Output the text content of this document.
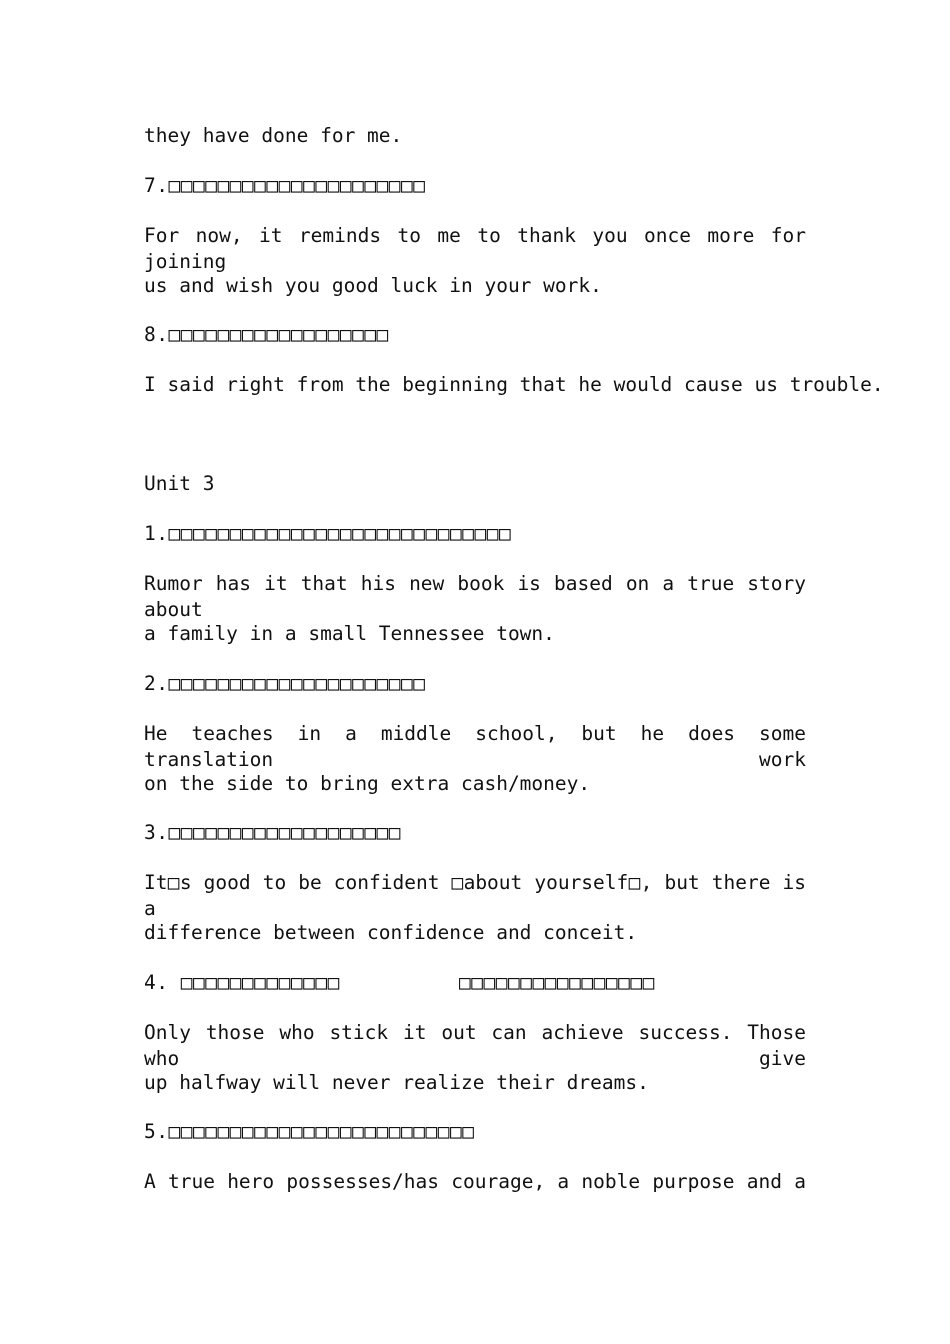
they have done for me.
7.□□□□□□□□□□□□□□□□□□□□□
For now, it reminds to me to thank you once more for joining
us and wish you good luck in your work.
8.□□□□□□□□□□□□□□□□□□
I said right from the beginning that he would cause us trouble.
Unit 3
1.□□□□□□□□□□□□□□□□□□□□□□□□□□□□
Rumor has it that his new book is based on a true story about
a family in a small Tennessee town.
2.□□□□□□□□□□□□□□□□□□□□□
He teaches in a middle school, but he does some translation work
on the side to bring extra cash/money.
3.□□□□□□□□□□□□□□□□□□□
It□s good to be confident □about yourself□, but there is a
difference between confidence and conceit.
4. □□□□□□□□□□□□□	□□□□□□□□□□□□□□□□
Only those who stick it out can achieve success. Those who give
up halfway will never realize their dreams.
5.□□□□□□□□□□□□□□□□□□□□□□□□□
A true hero possesses/has courage, a noble purpose and a
